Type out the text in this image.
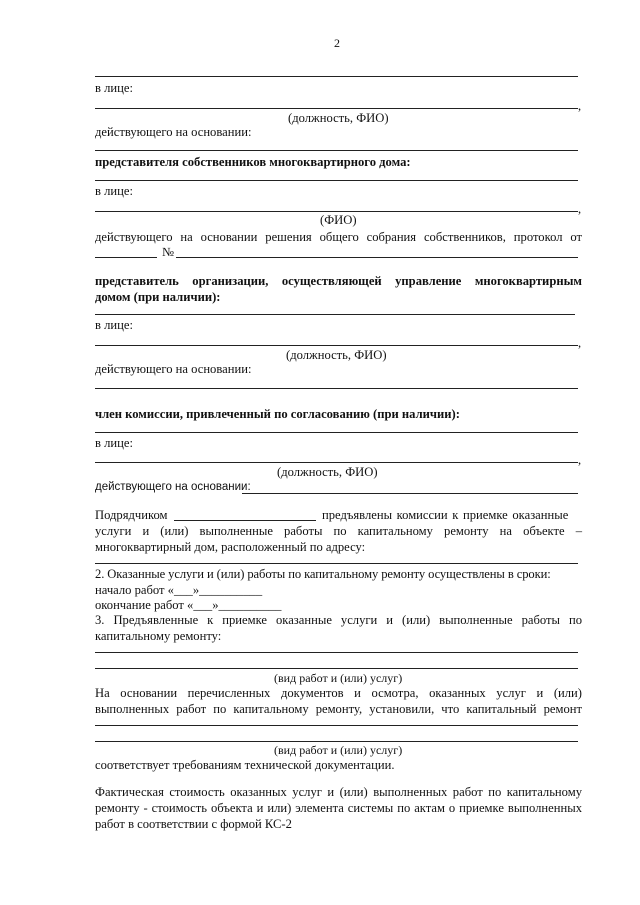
2
в лице:
,
(должность, ФИО)
действующего на основании:
представителя собственников многоквартирного дома:
в лице:
,
(ФИО)
действующего на основании решения общего собрания собственников, протокол от
№
представитель организации, осуществляющей управление многоквартирным
домом (при наличии):
в лице:
,
(должность, ФИО)
действующего на основании:
член комиссии, привлеченный по согласованию (при наличии):
в лице:
,
(должность, ФИО)
действующего на основании:
Подрядчиком	предъявлены комиссии к приемке оказанные
услуги и (или) выполненные работы по капитальному ремонту на объекте –
многоквартирный дом, расположенный по адресу:
2. Оказанные услуги и (или) работы по капитальному ремонту осуществлены в сроки:
начало работ «___»__________
окончание работ «___»__________
3. Предъявленные к приемке оказанные услуги и (или) выполненные работы по
капитальному ремонту:
(вид работ и (или) услуг)
На основании перечисленных документов и осмотра, оказанных услуг и (или)
выполненных работ по капитальному ремонту, установили, что капитальный ремонт
(вид работ и (или) услуг)
соответствует требованиям технической документации.
Фактическая стоимость оказанных услуг и (или) выполненных работ по капитальному
ремонту - стоимость объекта и или) элемента системы по актам о приемке выполненных
работ в соответствии с формой КС-2
